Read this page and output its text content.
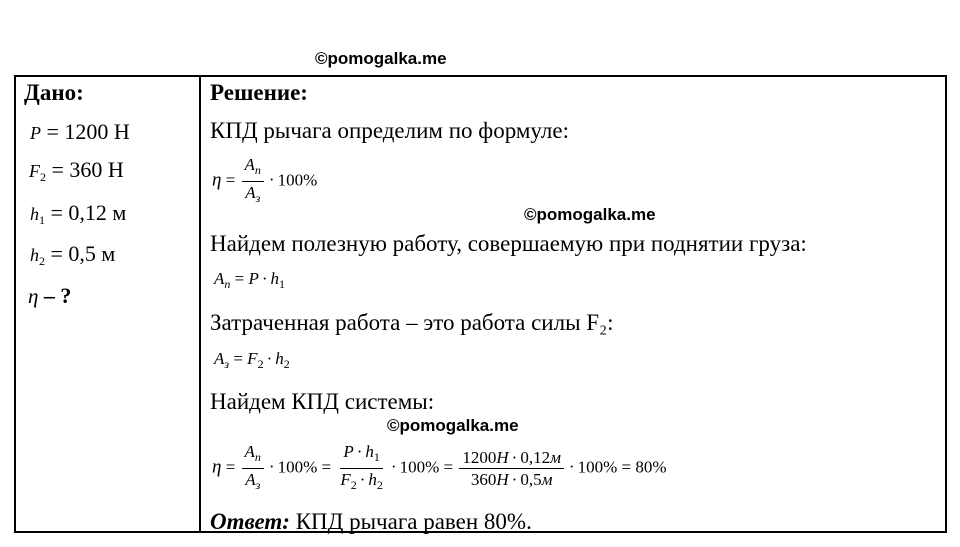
©pomogalka.me
©pomogalka.me
©pomogalka.me
Дано:
P = 1200 Н
$F_2 = 360$ Н
$h_1 = 0,12$ м
$h_2 = 0,5$ м
η – ?
Решение:
КПД рычага определим по формуле:
$\eta = \frac{A_п}{A_з} \cdot 100\%$
Найдем полезную работу, совершаемую при поднятии груза:
$A_п = P \cdot h_1$
Затраченная работа – это работа силы F₂:
$A_з = F_2 \cdot h_2$
Найдем КПД системы:
$\eta = \frac{A_п}{A_з} \cdot 100\% = \frac{P \cdot h_1}{F_2 \cdot h_2} \cdot 100\% = \frac{1200Н \cdot 0,12м}{360Н \cdot 0,5м} \cdot 100\% = 80\%$
Ответ: КПД рычага равен 80%.
